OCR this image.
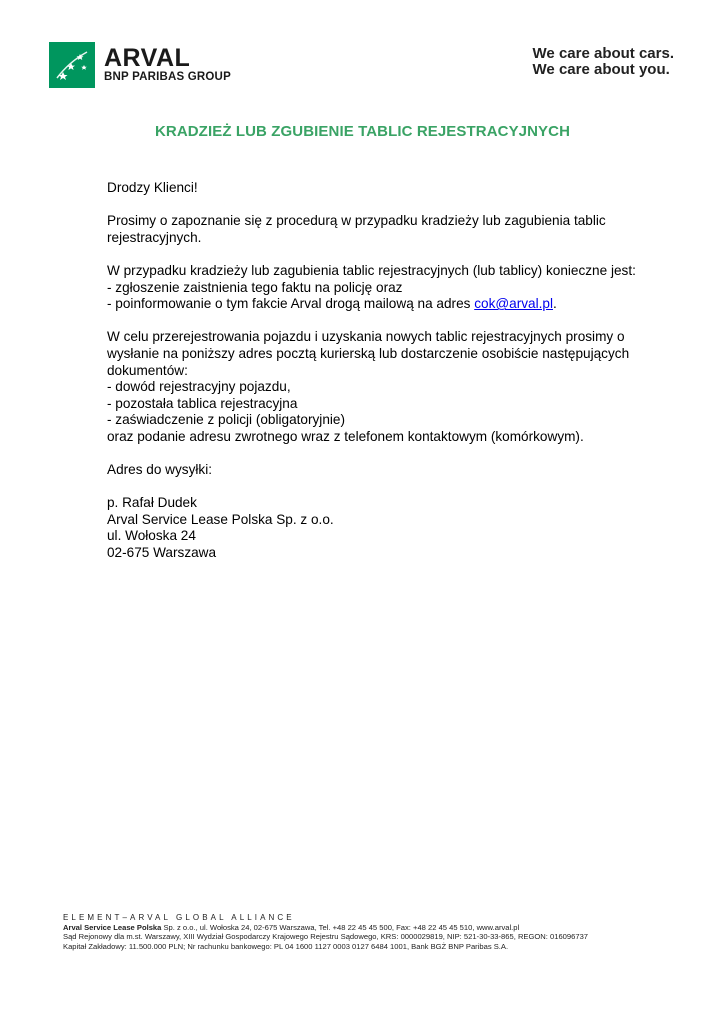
ARVAL
BNP PARIBAS GROUP
We care about cars.
We care about you.
KRADZIEŻ LUB ZGUBIENIE TABLIC REJESTRACYJNYCH

Drodzy Klienci!

Prosimy o zapoznanie się z procedurą w przypadku kradzieży lub zagubienia tablic rejestracyjnych.

W przypadku kradzieży lub zagubienia tablic rejestracyjnych (lub tablicy) konieczne jest:
- zgłoszenie zaistnienia tego faktu na policję oraz
- poinformowanie o tym fakcie Arval drogą mailową na adres cok@arval.pl.

W celu przerejestrowania pojazdu i uzyskania nowych tablic rejestracyjnych prosimy o wysłanie na poniższy adres pocztą kurierską lub dostarczenie osobiście następujących dokumentów:
- dowód rejestracyjny pojazdu,
- pozostała tablica rejestracyjna
- zaświadczenie z policji (obligatoryjnie)
oraz podanie adresu zwrotnego wraz z telefonem kontaktowym (komórkowym).

Adres do wysyłki:

p. Rafał Dudek
Arval Service Lease Polska Sp. z o.o.
ul. Wołoska 24
02-675 Warszawa

ELEMENT–ARVAL GLOBAL ALLIANCE
Arval Service Lease Polska Sp. z o.o., ul. Wołoska 24, 02-675 Warszawa, Tel. +48 22 45 45 500, Fax: +48 22 45 45 510, www.arval.pl
Sąd Rejonowy dla m.st. Warszawy, XIII Wydział Gospodarczy Krajowego Rejestru Sądowego, KRS: 0000029819, NIP: 521-30-33-865, REGON: 016096737
Kapitał Zakładowy: 11.500.000 PLN; Nr rachunku bankowego: PL 04 1600 1127 0003 0127 6484 1001, Bank BGŻ BNP Paribas S.A.
